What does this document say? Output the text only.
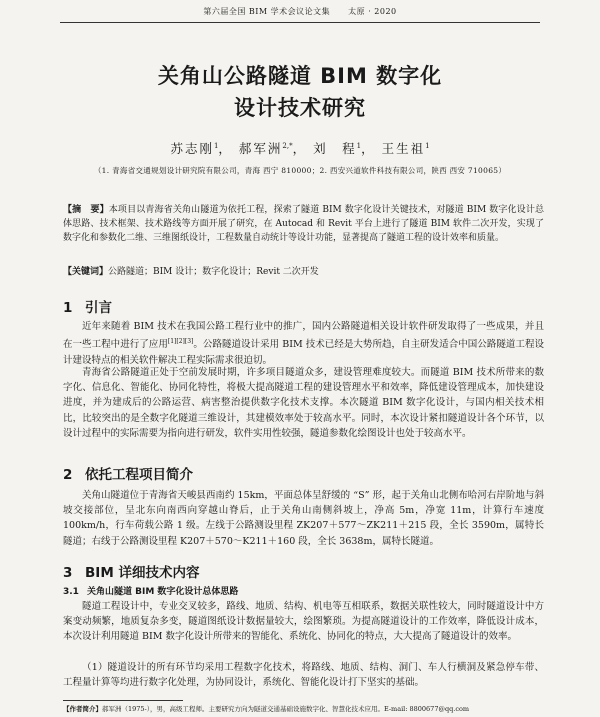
第六届全国 BIM 学术会议论文集 太原 · 2020
关角山公路隧道 BIM 数字化
设计技术研究
苏志刚$^1$， 郝军洲$^{2,*}$， 刘　程$^1$， 王生祖$^1$
（1. 青海省交通规划设计研究院有限公司，青海 西宁 810000；2. 西安兴道软件科技有限公司，陕西 西安 710065）
【摘　要】本项目以青海省关角山隧道为依托工程，探索了隧道 BIM 数字化设计关键技术，对隧道 BIM 数字化设计总体思路、技术框架、技术路线等方面开展了研究，在 Autocad 和 Revit 平台上进行了隧道 BIM 软件二次开发，实现了数字化和参数化二维、三维图纸设计，工程数量自动统计等设计功能，显著提高了隧道工程的设计效率和质量。
【关键词】公路隧道；BIM 设计；数字化设计；Revit 二次开发
1 引言
近年来随着 BIM 技术在我国公路工程行业中的推广，国内公路隧道相关设计软件研发取得了一些成果，并且在一些工程中进行了应用[1][2][3]。公路隧道设计采用 BIM 技术已经是大势所趋，自主研发适合中国公路隧道工程设计建设特点的相关软件解决工程实际需求很迫切。
青海省公路隧道正处于空前发展时期，许多项目隧道众多，建设管理难度较大。而隧道 BIM 技术所带来的数字化、信息化、智能化、协同化特性，将极大提高隧道工程的建设管理水平和效率，降低建设管理成本，加快建设进度，并为建成后的公路运营、病害整治提供数字化技术支撑。本次隧道 BIM 数字化设计，与国内相关技术相比，比较突出的是全数字化隧道三维设计，其建模效率处于较高水平。同时，本次设计紧扣隧道设计各个环节，以设计过程中的实际需要为指向进行研发，软件实用性较强，隧道参数化绘图设计也处于较高水平。
2 依托工程项目简介
关角山隧道位于青海省天峻县西南约 15km，平面总体呈舒缓的 “S” 形，起于关角山北侧布哈河右岸阶地与斜坡交接部位，呈北东向南西向穿越山脊后，止于关角山南侧斜坡上，净高 5m，净宽 11m，计算行车速度 100km/h，行车荷载公路 1 级。左线于公路测设里程 ZK207＋577～ZK211＋215 段，全长 3590m，属特长隧道；右线于公路测设里程 K207＋570～K211＋160 段，全长 3638m，属特长隧道。
3 BIM 详细技术内容
3.1 关角山隧道 BIM 数字化设计总体思路
隧道工程设计中，专业交叉较多，路线、地质、结构、机电等互相联系，数据关联性较大，同时隧道设计中方案变动频繁，地质复杂多变，隧道图纸设计数据量较大，绘图繁琐。为提高隧道设计的工作效率，降低设计成本，本次设计利用隧道 BIM 数字化设计所带来的智能化、系统化、协同化的特点，大大提高了隧道设计的效率。
（1）隧道设计的所有环节均采用工程数字化技术，将路线、地质、结构、洞门、车人行横洞及紧急停车带、工程量计算等均进行数字化处理，为协同设计，系统化、智能化设计打下坚实的基础。
【作者简介】郝军洲（1975-），男，高级工程师。主要研究方向为隧道交通基础设施数字化、智慧化技术应用。E-mail: 8800677@qq.com
